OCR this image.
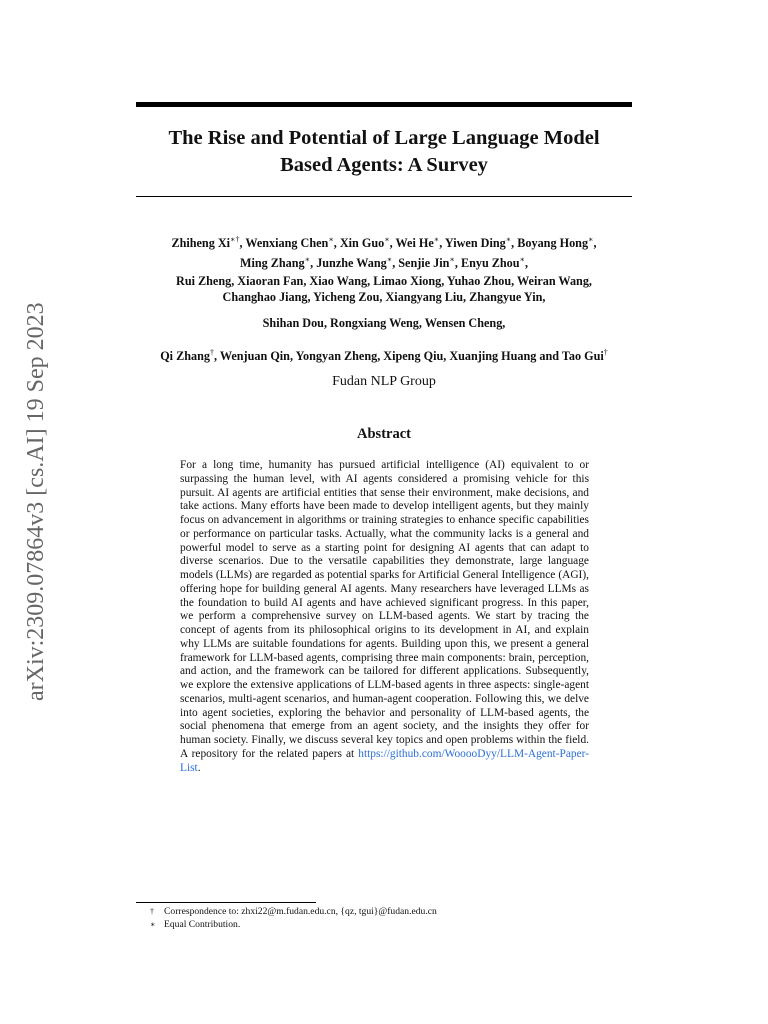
arXiv:2309.07864v3 [cs.AI] 19 Sep 2023
The Rise and Potential of Large Language Model
Based Agents: A Survey
Zhiheng Xi∗†, Wenxiang Chen∗, Xin Guo∗, Wei He∗, Yiwen Ding∗, Boyang Hong∗,
Ming Zhang∗, Junzhe Wang∗, Senjie Jin∗, Enyu Zhou∗,
Rui Zheng, Xiaoran Fan, Xiao Wang, Limao Xiong, Yuhao Zhou, Weiran Wang,
Changhao Jiang, Yicheng Zou, Xiangyang Liu, Zhangyue Yin,
Shihan Dou, Rongxiang Weng, Wensen Cheng,
Qi Zhang†, Wenjuan Qin, Yongyan Zheng, Xipeng Qiu, Xuanjing Huang and Tao Gui†
Fudan NLP Group
Abstract
For a long time, humanity has pursued artificial intelligence (AI) equivalent to or surpassing the human level, with AI agents considered a promising vehicle for this pursuit. AI agents are artificial entities that sense their environment, make decisions, and take actions. Many efforts have been made to develop intelligent agents, but they mainly focus on advancement in algorithms or training strategies to enhance specific capabilities or performance on particular tasks. Actually, what the community lacks is a general and powerful model to serve as a starting point for designing AI agents that can adapt to diverse scenarios. Due to the versatile capabilities they demonstrate, large language models (LLMs) are regarded as potential sparks for Artificial General Intelligence (AGI), offering hope for building general AI agents. Many researchers have leveraged LLMs as the foundation to build AI agents and have achieved significant progress. In this paper, we perform a comprehensive survey on LLM-based agents. We start by tracing the concept of agents from its philosophical origins to its development in AI, and explain why LLMs are suitable foundations for agents. Building upon this, we present a general framework for LLM-based agents, comprising three main components: brain, perception, and action, and the framework can be tailored for different applications. Subsequently, we explore the extensive applications of LLM-based agents in three aspects: single-agent scenarios, multi-agent scenarios, and human-agent cooperation. Following this, we delve into agent societies, exploring the behavior and personality of LLM-based agents, the social phenomena that emerge from an agent society, and the insights they offer for human society. Finally, we discuss several key topics and open problems within the field. A repository for the related papers at https://github.com/WooooDyy/LLM-Agent-Paper-List.
† Correspondence to: zhxi22@m.fudan.edu.cn, {qz, tgui}@fudan.edu.cn
∗ Equal Contribution.
